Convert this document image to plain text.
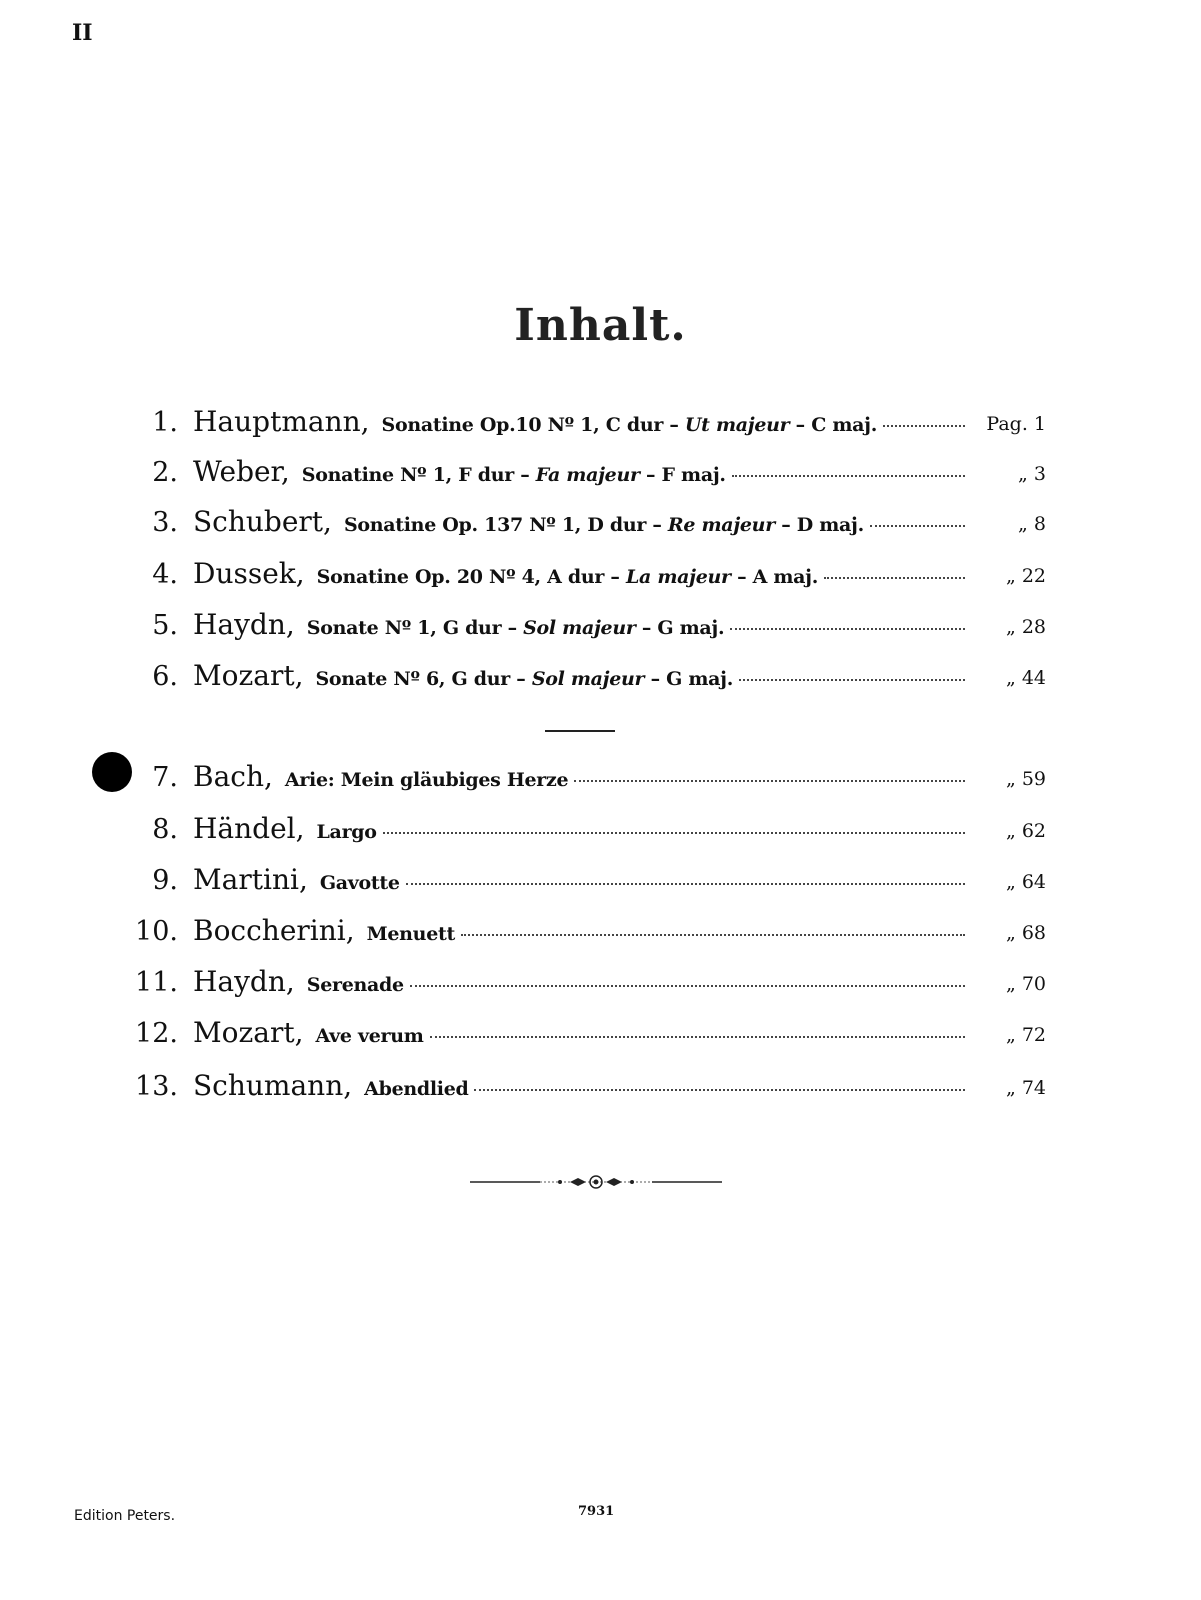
II
Inhalt.
1. Hauptmann, Sonatine Op.10 Nº 1, C dur – Ut majeur – C maj.	Pag. 1
2. Weber, Sonatine Nº 1, F dur – Fa majeur – F maj.	„ 3
3. Schubert, Sonatine Op. 137 Nº 1, D dur – Re majeur – D maj.	„ 8
4. Dussek, Sonatine Op. 20 Nº 4, A dur – La majeur – A maj.	„ 22
5. Haydn, Sonate Nº 1, G dur – Sol majeur – G maj.	„ 28
6. Mozart, Sonate Nº 6, G dur – Sol majeur – G maj.	„ 44
7. Bach, Arie: Mein gläubiges Herze	„ 59
8. Händel, Largo	„ 62
9. Martini, Gavotte	„ 64
10. Boccherini, Menuett	„ 68
11. Haydn, Serenade	„ 70
12. Mozart, Ave verum	„ 72
13. Schumann, Abendlied	„ 74
Edition Peters.	7931
